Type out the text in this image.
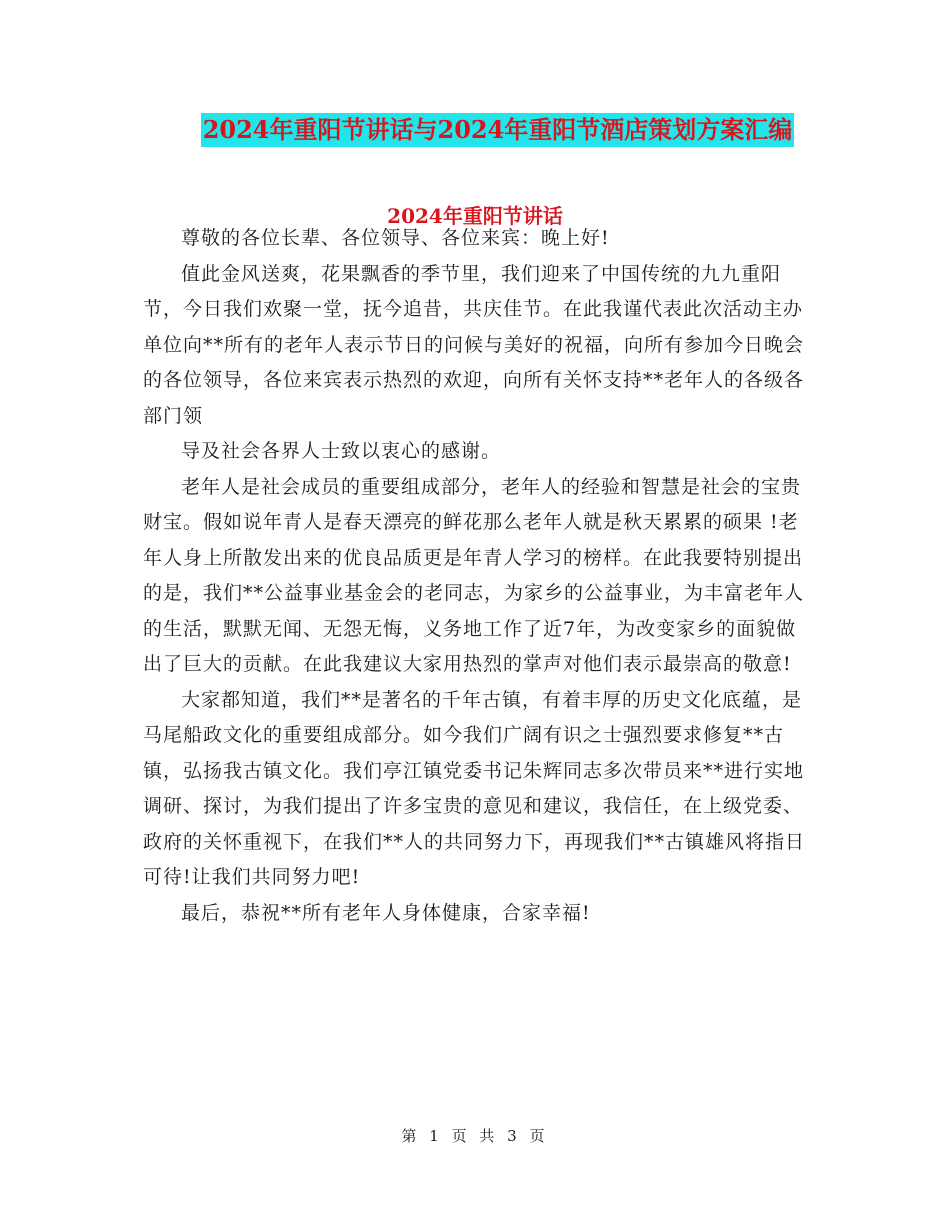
2024年重阳节讲话与2024年重阳节酒店策划方案汇编
2024年重阳节讲话

尊敬的各位长辈、各位领导、各位来宾：晚上好!

值此金风送爽，花果飘香的季节里，我们迎来了中国传统的九九重阳节，今日我们欢聚一堂，抚今追昔，共庆佳节。在此我谨代表此次活动主办单位向**所有的老年人表示节日的问候与美好的祝福，向所有参加今日晚会的各位领导，各位来宾表示热烈的欢迎，向所有关怀支持**老年人的各级各部门领

导及社会各界人士致以衷心的感谢。

老年人是社会成员的重要组成部分，老年人的经验和智慧是社会的宝贵财宝。假如说年青人是春天漂亮的鲜花那么老年人就是秋天累累的硕果 !老年人身上所散发出来的优良品质更是年青人学习的榜样。在此我要特别提出的是，我们**公益事业基金会的老同志，为家乡的公益事业，为丰富老年人的生活，默默无闻、无怨无悔，义务地工作了近7年，为改变家乡的面貌做出了巨大的贡献。在此我建议大家用热烈的掌声对他们表示最崇高的敬意!

大家都知道，我们**是著名的千年古镇，有着丰厚的历史文化底蕴，是马尾船政文化的重要组成部分。如今我们广阔有识之士强烈要求修复**古镇，弘扬我古镇文化。我们亭江镇党委书记朱辉同志多次带员来**进行实地调研、探讨，为我们提出了许多宝贵的意见和建议，我信任，在上级党委、政府的关怀重视下，在我们**人的共同努力下，再现我们**古镇雄风将指日可待!让我们共同努力吧!

最后，恭祝**所有老年人身体健康，合家幸福!

第 1 页 共 3 页
